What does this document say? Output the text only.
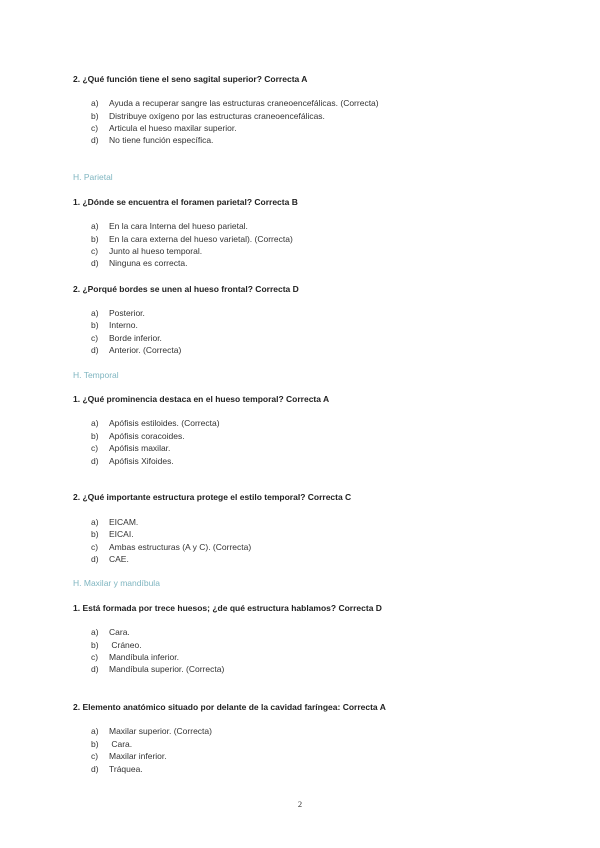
2. ¿Qué función tiene el seno sagital superior? Correcta A
a) Ayuda a recuperar sangre las estructuras craneoencefálicas. (Correcta)
b) Distribuye oxígeno por las estructuras craneoencefálicas.
c) Articula el hueso maxilar superior.
d) No tiene función específica.
H. Parietal
1. ¿Dónde se encuentra el foramen parietal? Correcta B
a) En la cara Interna del hueso parietal.
b) En la cara externa del hueso varietal). (Correcta)
c) Junto al hueso temporal.
d) Ninguna es correcta.
2. ¿Porqué bordes se unen al hueso frontal? Correcta D
a) Posterior.
b) Interno.
c) Borde inferior.
d) Anterior. (Correcta)
H. Temporal
1. ¿Qué prominencia destaca en el hueso temporal? Correcta A
a) Apófisis estiloides. (Correcta)
b) Apófisis coracoides.
c) Apófisis maxilar.
d) Apófisis Xifoides.
2. ¿Qué importante estructura protege el estilo temporal? Correcta C
a) EICAM.
b) EICAI.
c) Ambas estructuras (A y C). (Correcta)
d) CAE.
H. Maxilar y mandíbula
1. Está formada por trece huesos; ¿de qué estructura hablamos? Correcta D
a) Cara.
b) Cráneo.
c) Mandíbula inferior.
d) Mandíbula superior. (Correcta)
2. Elemento anatómico situado por delante de la cavidad faríngea: Correcta A
a) Maxilar superior. (Correcta)
b) Cara.
c) Maxilar inferior.
d) Tráquea.
2
